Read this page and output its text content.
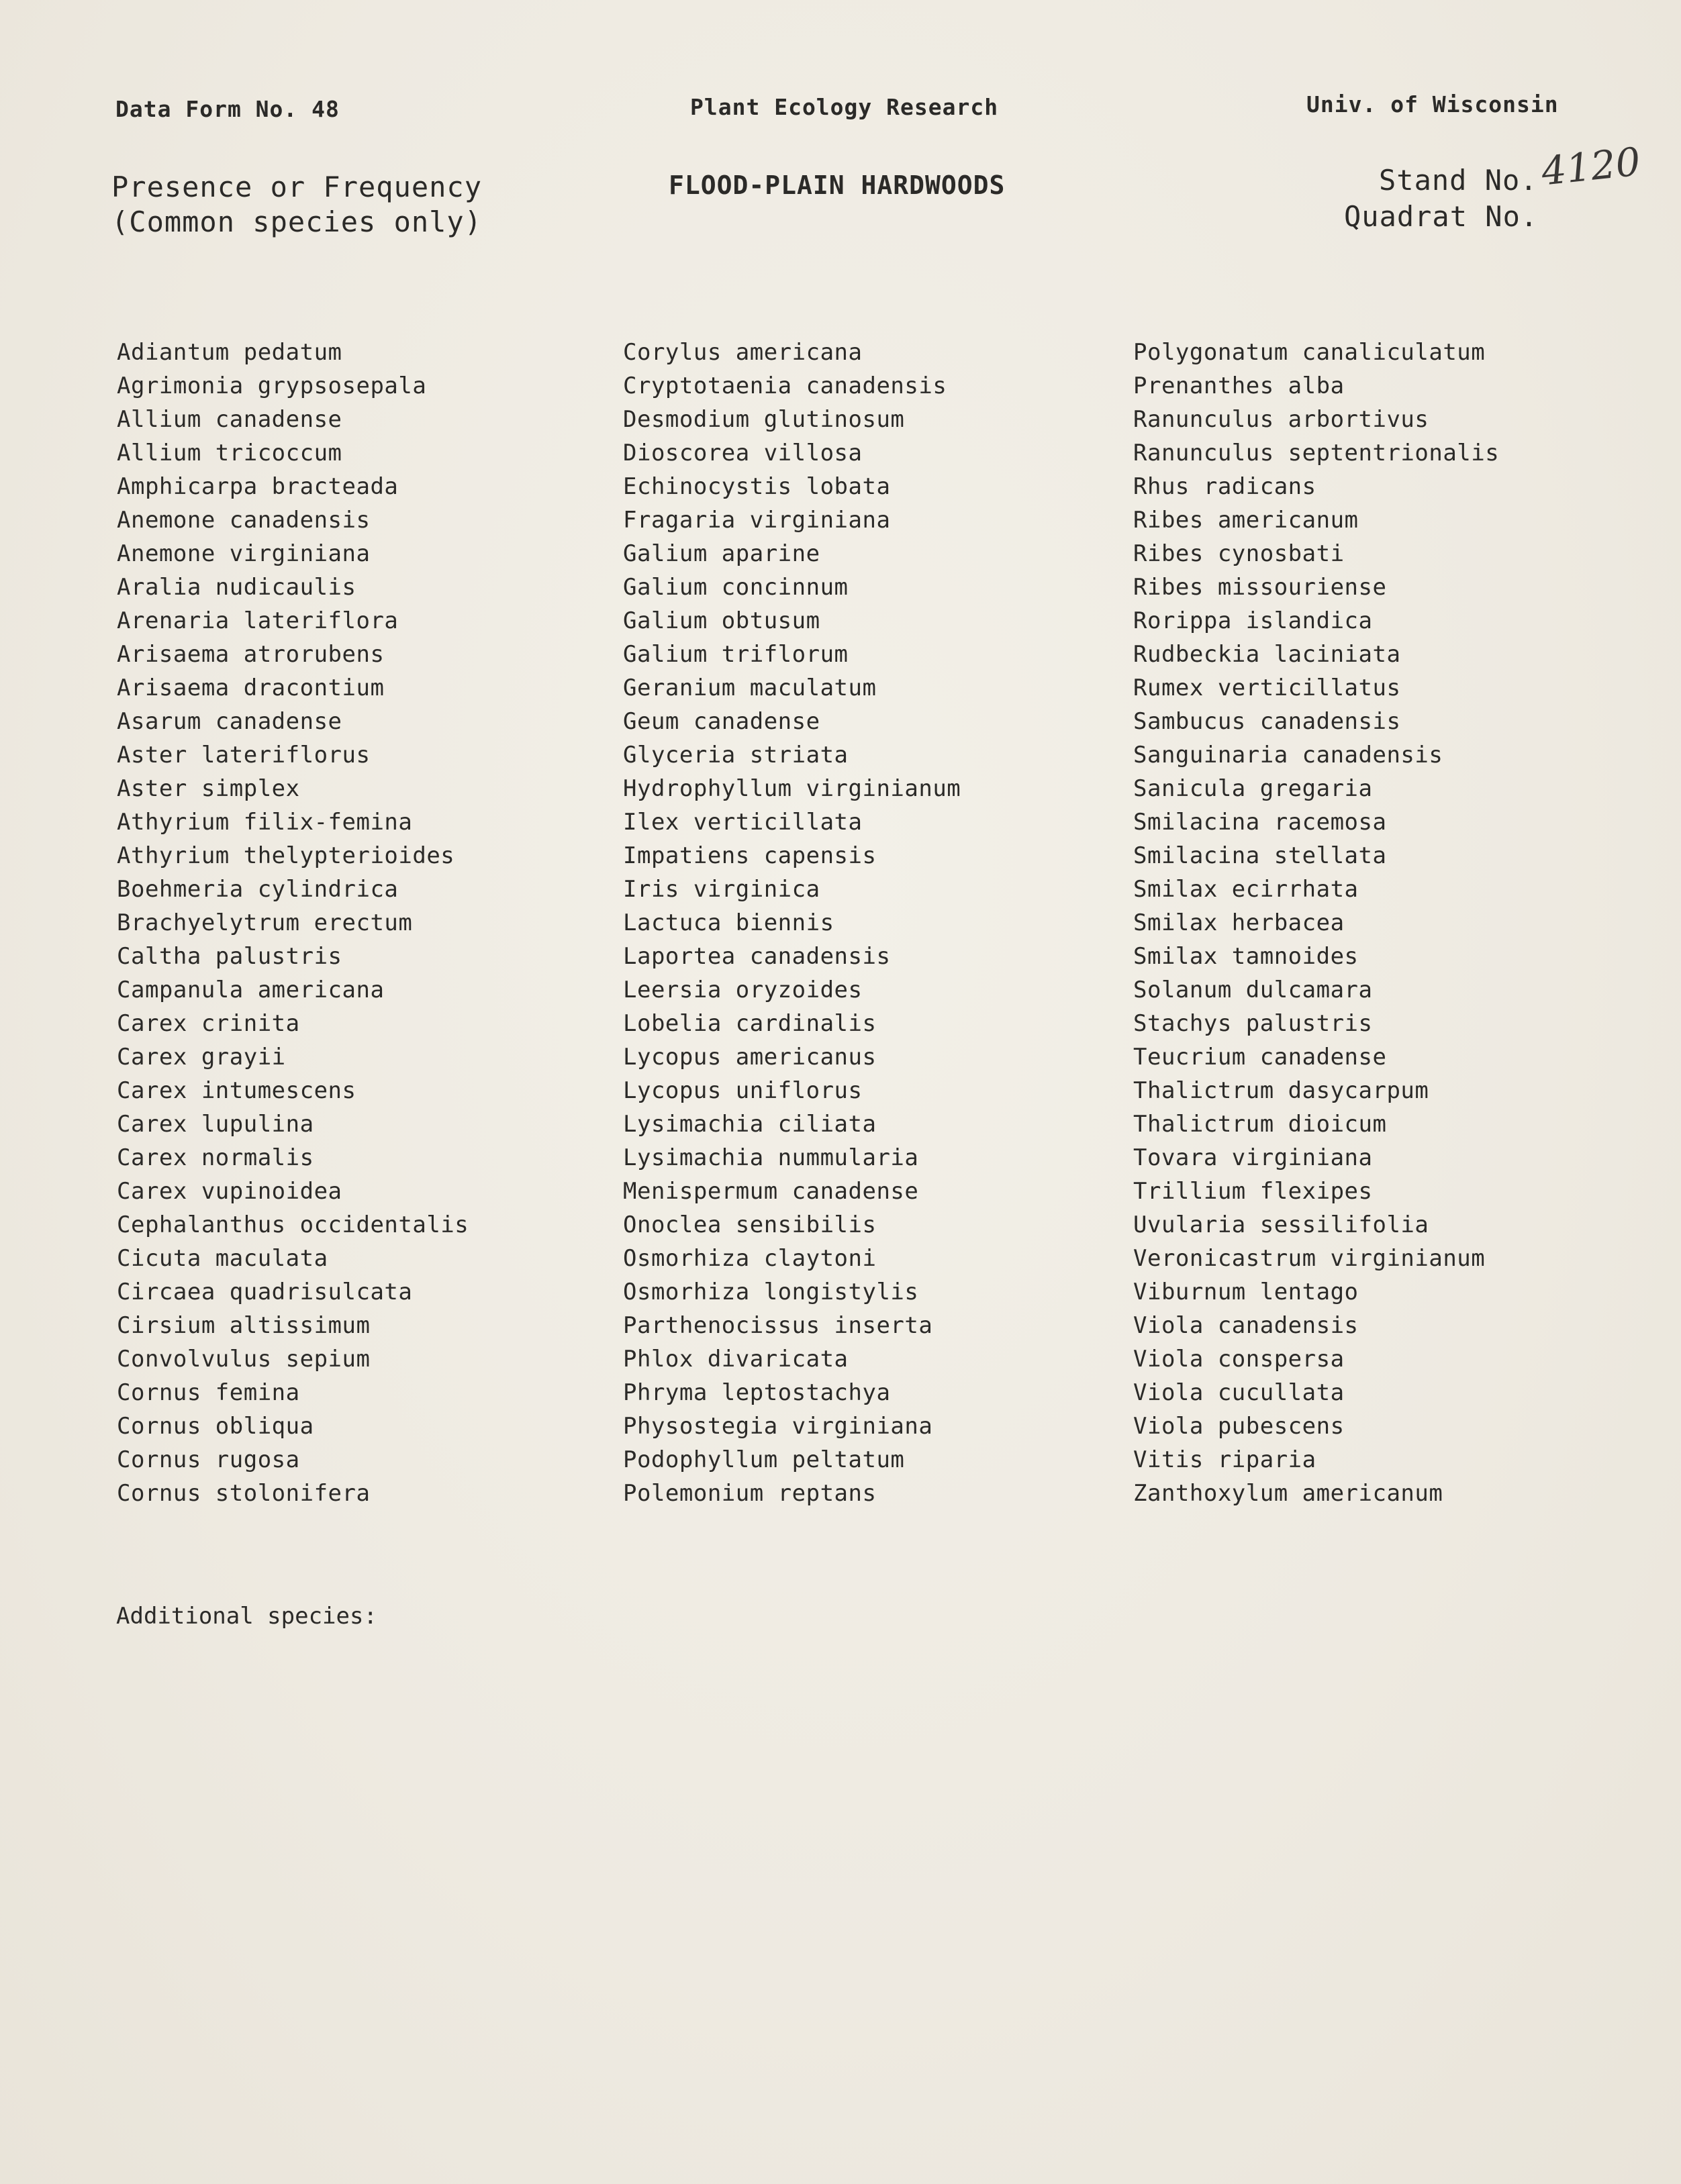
Data Form No. 48	Plant Ecology Research	Univ. of Wisconsin
Presence or Frequency
(Common species only)
FLOOD-PLAIN HARDWOODS	Stand No. 4120
Quadrat No.
Adiantum pedatum
Agrimonia grypsosepala
Allium canadense
Allium tricoccum
Amphicarpa bracteada
Anemone canadensis
Anemone virginiana
Aralia nudicaulis
Arenaria lateriflora
Arisaema atrorubens
Arisaema dracontium
Asarum canadense
Aster lateriflorus
Aster simplex
Athyrium filix-femina
Athyrium thelypterioides
Boehmeria cylindrica
Brachyelytrum erectum
Caltha palustris
Campanula americana
Carex crinita
Carex grayii
Carex intumescens
Carex lupulina
Carex normalis
Carex vupinoidea
Cephalanthus occidentalis
Cicuta maculata
Circaea quadrisulcata
Cirsium altissimum
Convolvulus sepium
Cornus femina
Cornus obliqua
Cornus rugosa
Cornus stolonifera
Corylus americana
Cryptotaenia canadensis
Desmodium glutinosum
Dioscorea villosa
Echinocystis lobata
Fragaria virginiana
Galium aparine
Galium concinnum
Galium obtusum
Galium triflorum
Geranium maculatum
Geum canadense
Glyceria striata
Hydrophyllum virginianum
Ilex verticillata
Impatiens capensis
Iris virginica
Lactuca biennis
Laportea canadensis
Leersia oryzoides
Lobelia cardinalis
Lycopus americanus
Lycopus uniflorus
Lysimachia ciliata
Lysimachia nummularia
Menispermum canadense
Onoclea sensibilis
Osmorhiza claytoni
Osmorhiza longistylis
Parthenocissus inserta
Phlox divaricata
Phryma leptostachya
Physostegia virginiana
Podophyllum peltatum
Polemonium reptans
Polygonatum canaliculatum
Prenanthes alba
Ranunculus arbortivus
Ranunculus septentrionalis
Rhus radicans
Ribes americanum
Ribes cynosbati
Ribes missouriense
Rorippa islandica
Rudbeckia laciniata
Rumex verticillatus
Sambucus canadensis
Sanguinaria canadensis
Sanicula gregaria
Smilacina racemosa
Smilacina stellata
Smilax ecirrhata
Smilax herbacea
Smilax tamnoides
Solanum dulcamara
Stachys palustris
Teucrium canadense
Thalictrum dasycarpum
Thalictrum dioicum
Tovara virginiana
Trillium flexipes
Uvularia sessilifolia
Veronicastrum virginianum
Viburnum lentago
Viola canadensis
Viola conspersa
Viola cucullata
Viola pubescens
Vitis riparia
Zanthoxylum americanum
Additional species:
